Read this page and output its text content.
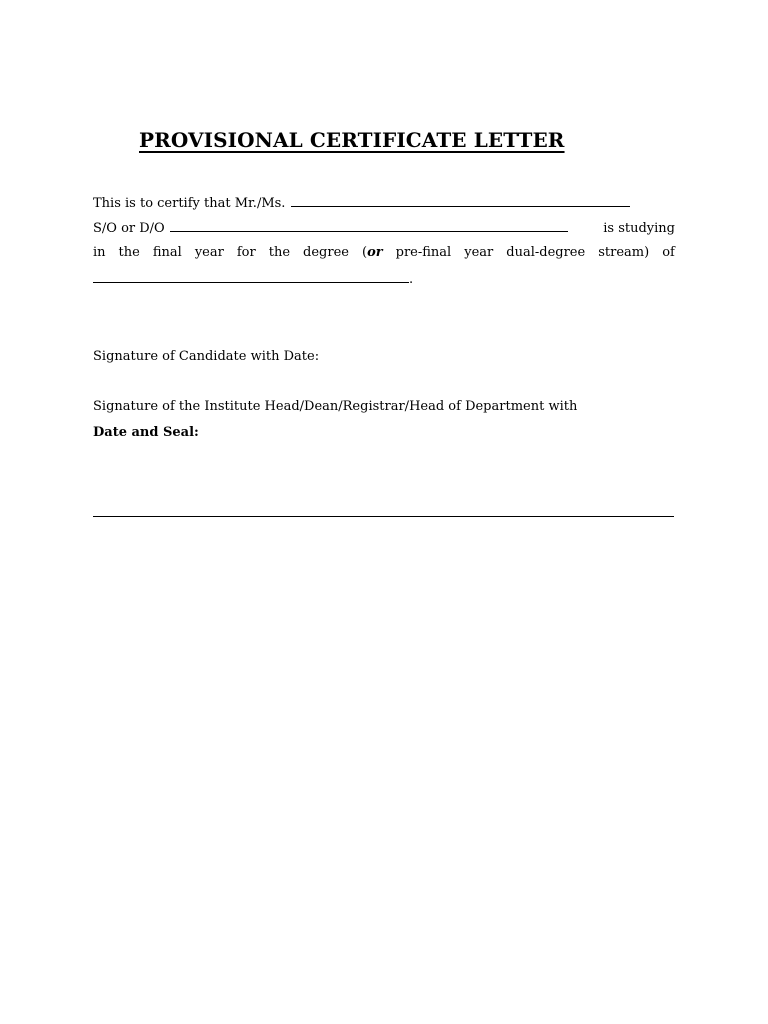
PROVISIONAL CERTIFICATE LETTER
This is to certify that Mr./Ms.
S/O or D/O	is studying
in the final year for the degree (or pre-final year dual-degree stream) of
.
Signature of Candidate with Date:
Signature of the Institute Head/Dean/Registrar/Head of Department with
Date and Seal:
